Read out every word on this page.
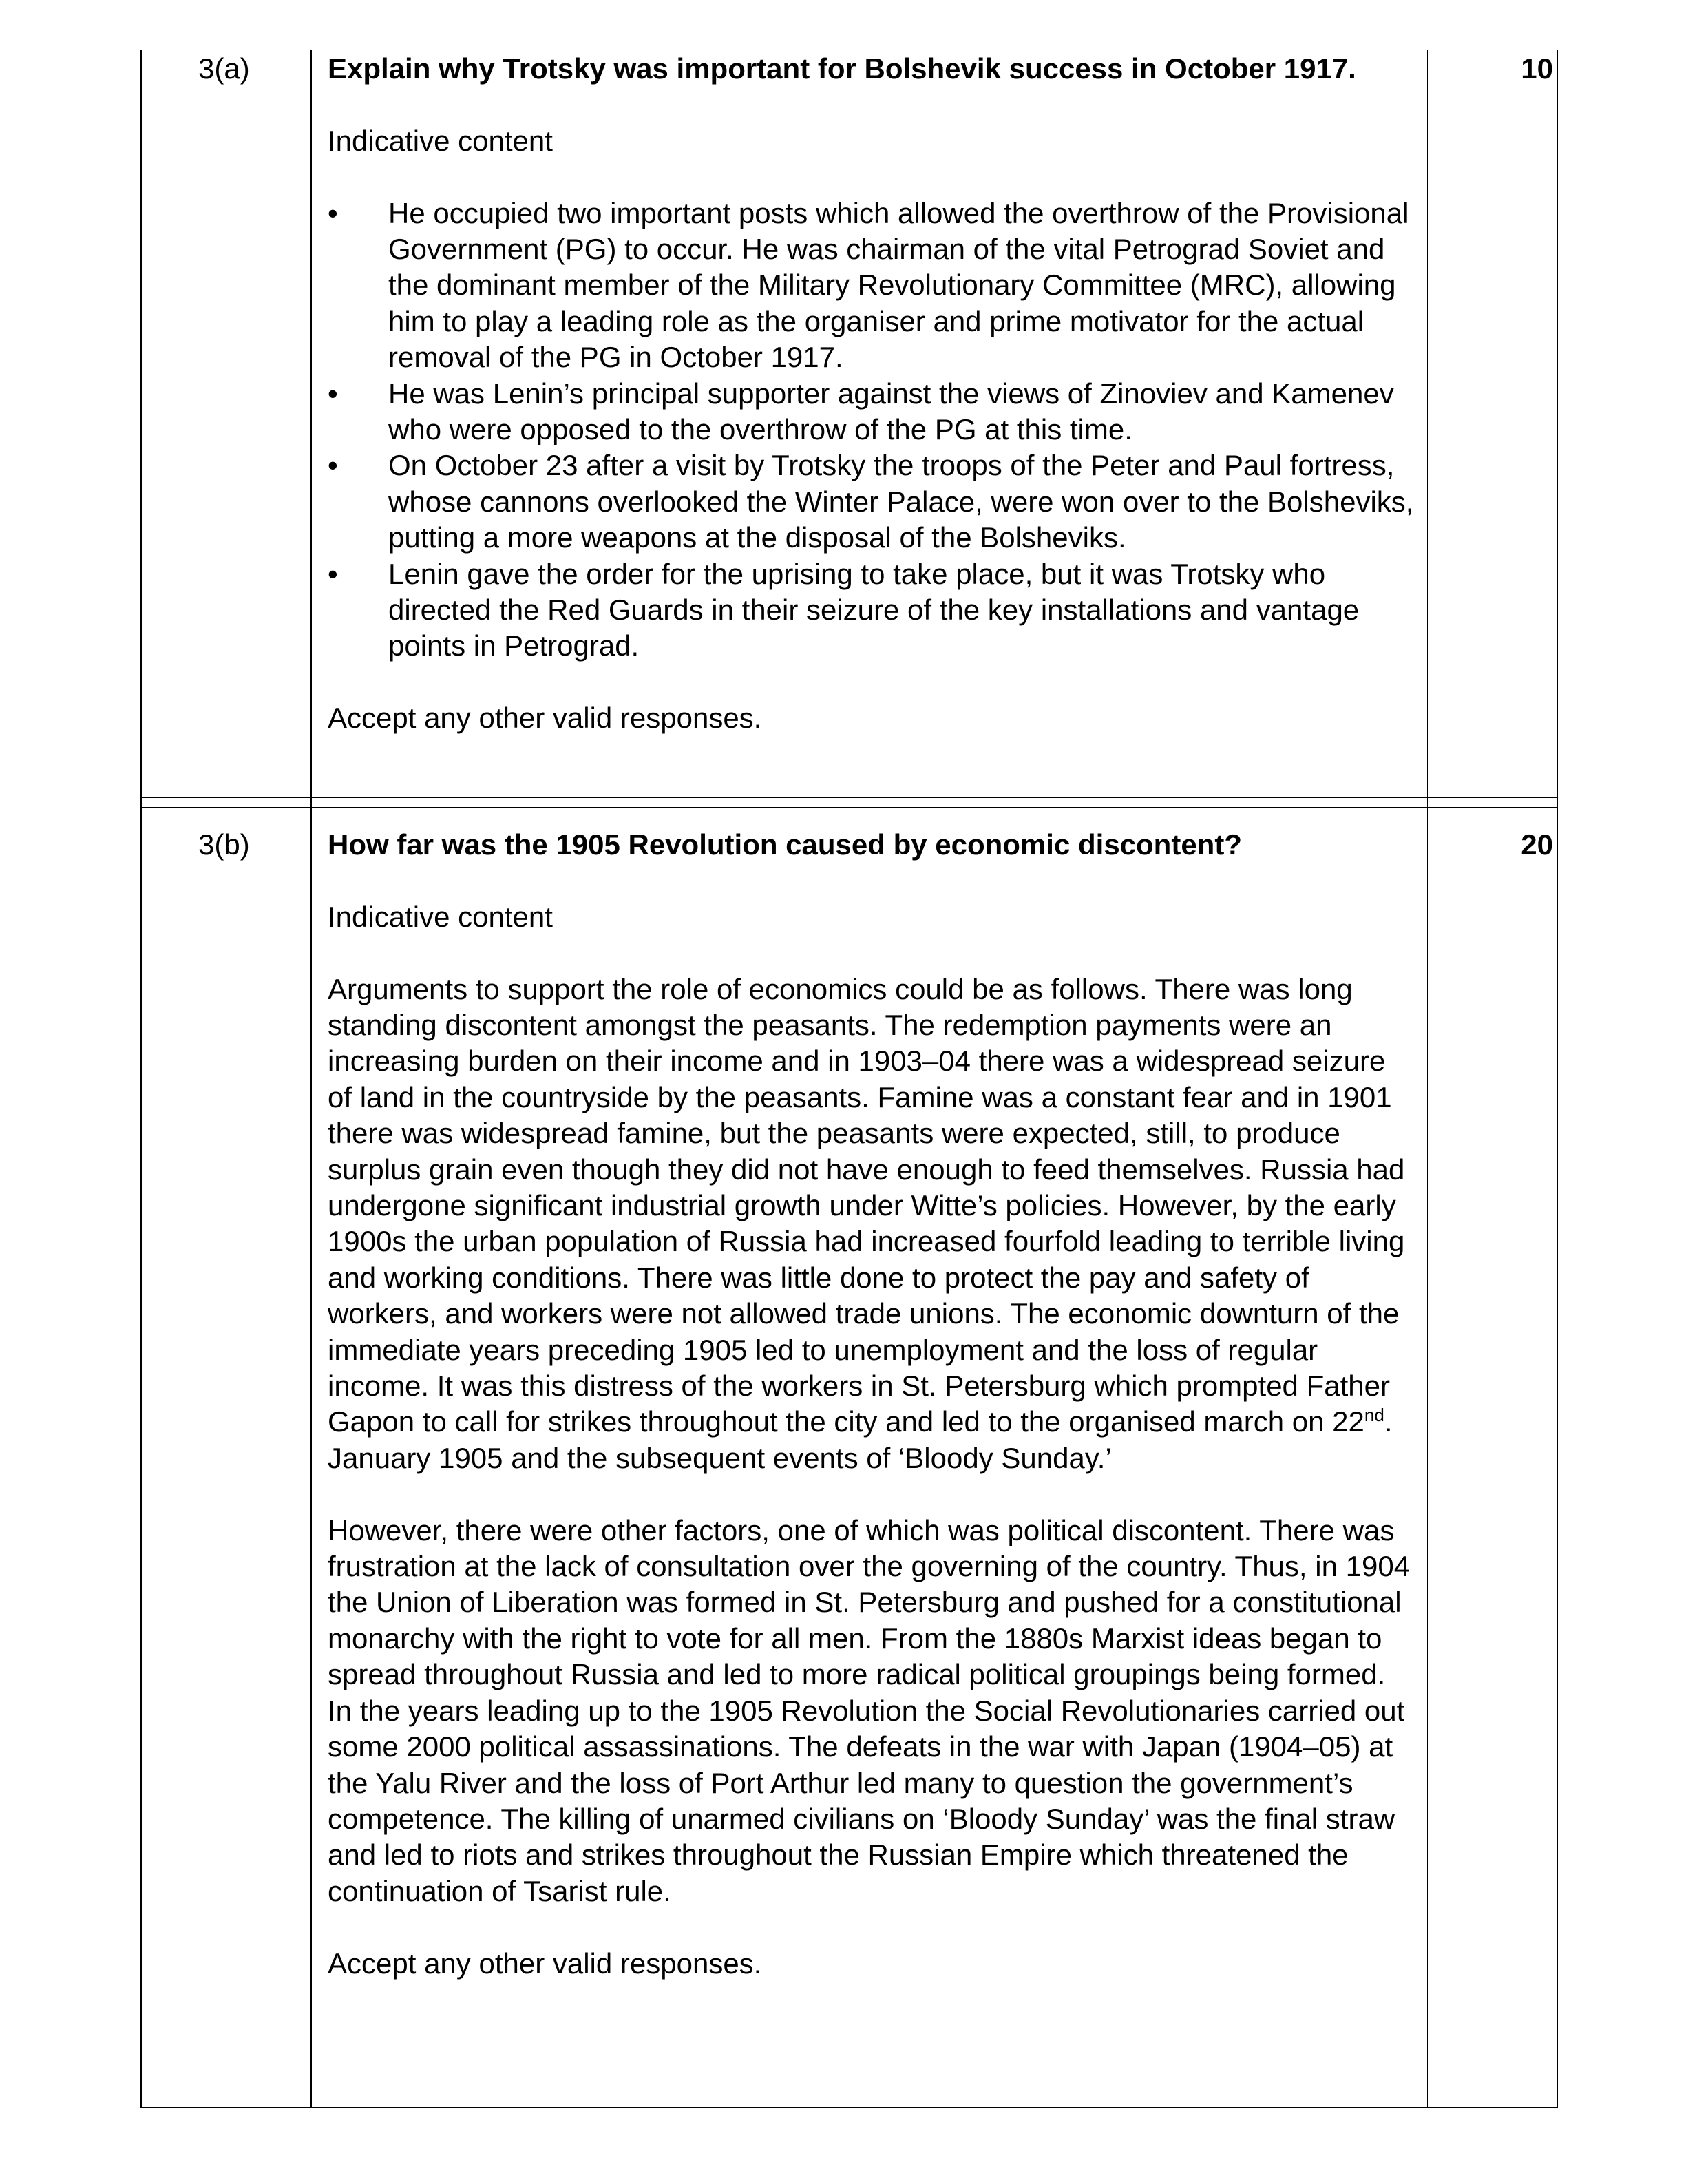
3(a)	10

Explain why Trotsky was important for Bolshevik success in October 1917.

Indicative content

• He occupied two important posts which allowed the overthrow of the Provisional Government (PG) to occur. He was chairman of the vital Petrograd Soviet and the dominant member of the Military Revolutionary Committee (MRC), allowing him to play a leading role as the organiser and prime motivator for the actual removal of the PG in October 1917.
• He was Lenin’s principal supporter against the views of Zinoviev and Kamenev who were opposed to the overthrow of the PG at this time.
• On October 23 after a visit by Trotsky the troops of the Peter and Paul fortress, whose cannons overlooked the Winter Palace, were won over to the Bolsheviks, putting a more weapons at the disposal of the Bolsheviks.
• Lenin gave the order for the uprising to take place, but it was Trotsky who directed the Red Guards in their seizure of the key installations and vantage points in Petrograd.

Accept any other valid responses.

3(b)	20

How far was the 1905 Revolution caused by economic discontent?

Indicative content

Arguments to support the role of economics could be as follows. There was long standing discontent amongst the peasants. The redemption payments were an increasing burden on their income and in 1903–04 there was a widespread seizure of land in the countryside by the peasants. Famine was a constant fear and in 1901 there was widespread famine, but the peasants were expected, still, to produce surplus grain even though they did not have enough to feed themselves. Russia had undergone significant industrial growth under Witte’s policies. However, by the early 1900s the urban population of Russia had increased fourfold leading to terrible living and working conditions. There was little done to protect the pay and safety of workers, and workers were not allowed trade unions. The economic downturn of the immediate years preceding 1905 led to unemployment and the loss of regular income. It was this distress of the workers in St. Petersburg which prompted Father Gapon to call for strikes throughout the city and led to the organised march on 22nd. January 1905 and the subsequent events of ‘Bloody Sunday.’

However, there were other factors, one of which was political discontent. There was frustration at the lack of consultation over the governing of the country. Thus, in 1904 the Union of Liberation was formed in St. Petersburg and pushed for a constitutional monarchy with the right to vote for all men. From the 1880s Marxist ideas began to spread throughout Russia and led to more radical political groupings being formed. In the years leading up to the 1905 Revolution the Social Revolutionaries carried out some 2000 political assassinations. The defeats in the war with Japan (1904–05) at the Yalu River and the loss of Port Arthur led many to question the government’s competence. The killing of unarmed civilians on ‘Bloody Sunday’ was the final straw and led to riots and strikes throughout the Russian Empire which threatened the continuation of Tsarist rule.

Accept any other valid responses.
